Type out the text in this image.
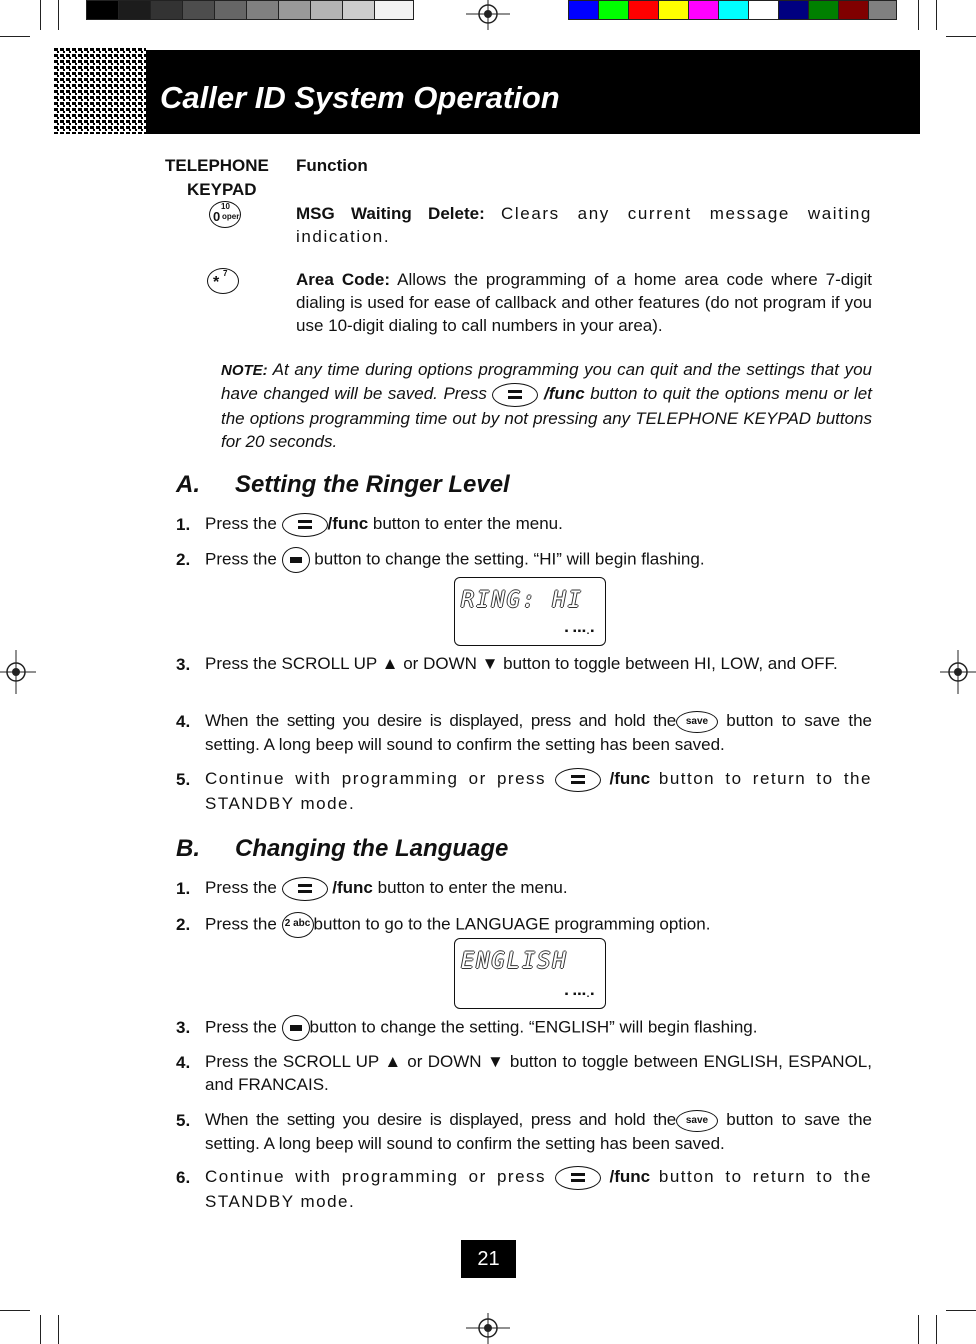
Caller ID System Operation
TELEPHONE
KEYPAD
Function
10
0 oper	MSG Waiting Delete: Clears any current message waiting indication.
7
*	Area Code: Allows the programming of a home area code where 7-digit dialing is used for ease of callback and other features (do not program if you use 10-digit dialing to call numbers in your area).
NOTE: At any time during options programming you can quit and the settings that you have changed will be saved. Press	/func button to quit the options menu or let the options programming time out by not pressing any TELEPHONE KEYPAD buttons for 20 seconds.
A. Setting the Ringer Level
1. Press the	/func button to enter the menu.
2. Press the button to change the setting. “HI” will begin flashing.
RING: HI
▪ ▪▪▪.▪
3. Press the SCROLL UP ▲ or DOWN ▼ button to toggle between HI, LOW, and OFF.
4. When the setting you desire is displayed, press and hold the save button to save the setting. A long beep will sound to confirm the setting has been saved.
5. Continue with programming or press	/func button to return to the STANDBY mode.
B. Changing the Language
1. Press the	/func button to enter the menu.
2. Press the 2 abc button to go to the LANGUAGE programming option.
ENGLISH
▪ ▪▪▪.▪
3. Press the button to change the setting. “ENGLISH” will begin flashing.
4. Press the SCROLL UP ▲ or DOWN ▼ button to toggle between ENGLISH, ESPANOL, and FRANCAIS.
5. When the setting you desire is displayed, press and hold the save button to save the setting. A long beep will sound to confirm the setting has been saved.
6. Continue with programming or press	/func button to return to the STANDBY mode.
21
